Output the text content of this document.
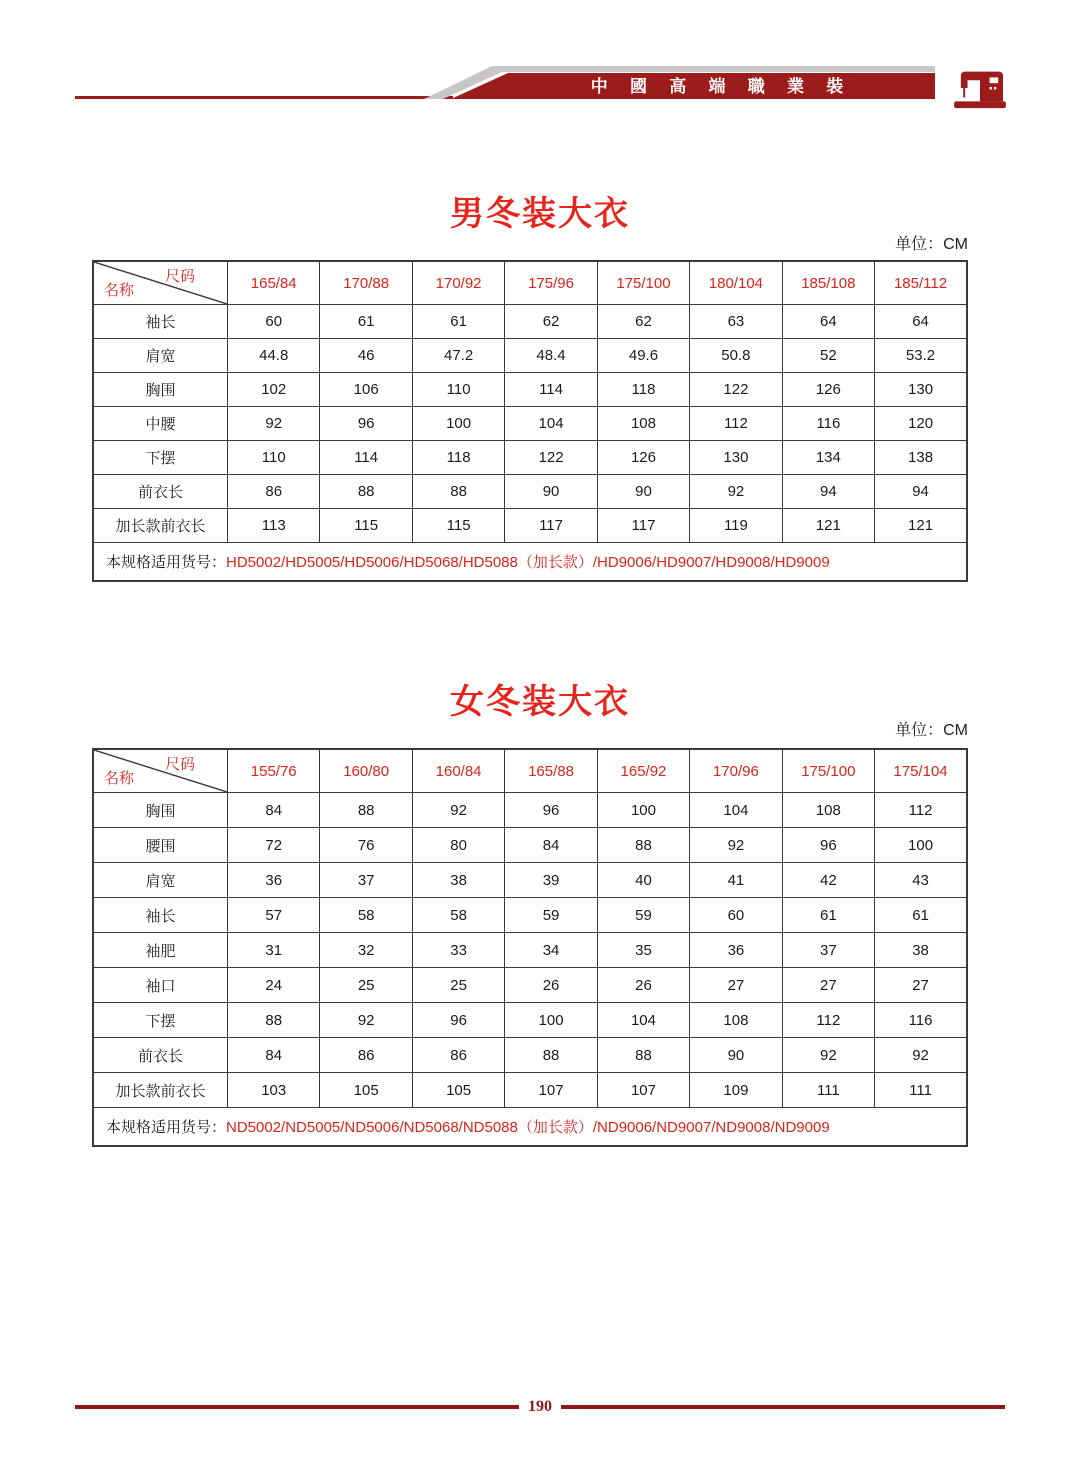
中 國 高 端 職 業 裝
男冬装大衣
单位：CM
尺码
名称	165/84	170/88	170/92	175/96	175/100	180/104	185/108	185/112
袖长	60	61	61	62	62	63	64	64
肩宽	44.8	46	47.2	48.4	49.6	50.8	52	53.2
胸围	102	106	110	114	118	122	126	130
中腰	92	96	100	104	108	112	116	120
下摆	110	114	118	122	126	130	134	138
前衣长	86	88	88	90	90	92	94	94
加长款前衣长	113	115	115	117	117	119	121	121
本规格适用货号：HD5002/HD5005/HD5006/HD5068/HD5088（加长款）/HD9006/HD9007/HD9008/HD9009								
女冬装大衣
单位：CM
尺码
名称	155/76	160/80	160/84	165/88	165/92	170/96	175/100	175/104
胸围	84	88	92	96	100	104	108	112
腰围	72	76	80	84	88	92	96	100
肩宽	36	37	38	39	40	41	42	43
袖长	57	58	58	59	59	60	61	61
袖肥	31	32	33	34	35	36	37	38
袖口	24	25	25	26	26	27	27	27
下摆	88	92	96	100	104	108	112	116
前衣长	84	86	86	88	88	90	92	92
加长款前衣长	103	105	105	107	107	109	111	111
本规格适用货号：ND5002/ND5005/ND5006/ND5068/ND5088（加长款）/ND9006/ND9007/ND9008/ND9009								
190
